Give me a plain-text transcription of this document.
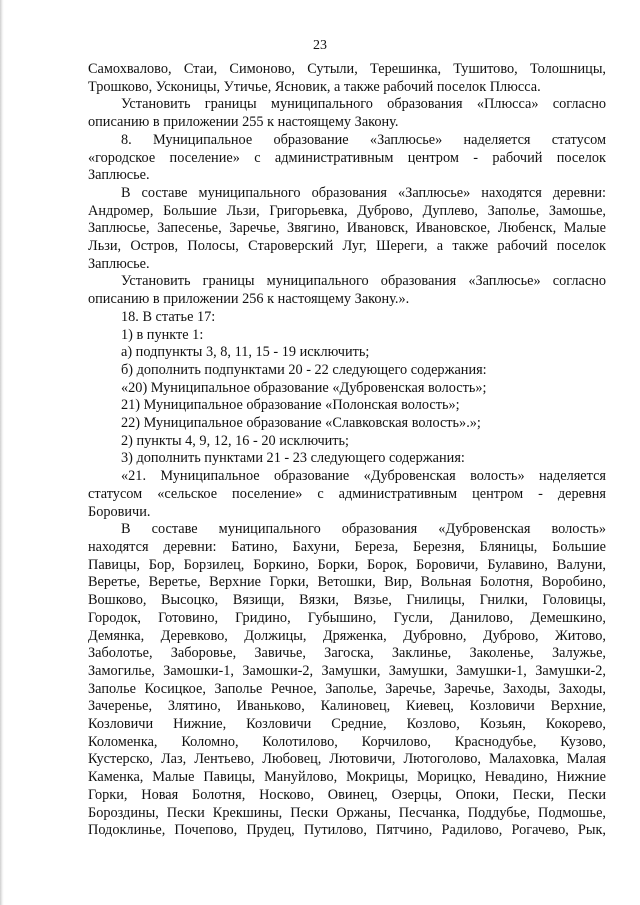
23

Самохвалово, Стаи, Симоново, Сутыли, Терешинка, Тушитово, Толошницы,

Трошково, Усконицы, Утичье, Ясновик, а также рабочий поселок Плюсса.

Установить границы муниципального образования «Плюсса» согласно

описанию в приложении 255 к настоящему Закону.

8. Муниципальное образование «Заплюсье» наделяется статусом

«городское поселение» с административным центром - рабочий поселок

Заплюсье.

В составе муниципального образования «Заплюсье» находятся деревни:

Андромер, Большие Льзи, Григорьевка, Дуброво, Дуплево, Заполье, Замошье,

Заплюсье, Запесенье, Заречье, Звягино, Ивановск, Ивановское, Любенск, Малые

Льзи, Остров, Полосы, Староверский Луг, Шереги, а также рабочий поселок

Заплюсье.

Установить границы муниципального образования «Заплюсье» согласно

описанию в приложении 256 к настоящему Закону.».

18. В статье 17:

1) в пункте 1:

а) подпункты 3, 8, 11, 15 - 19 исключить;

б) дополнить подпунктами 20 - 22 следующего содержания:

«20) Муниципальное образование «Дубровенская волость»;

21) Муниципальное образование «Полонская волость»;

22) Муниципальное образование «Славковская волость».»;

2) пункты 4, 9, 12, 16 - 20 исключить;

3) дополнить пунктами 21 - 23 следующего содержания:

«21. Муниципальное образование «Дубровенская волость» наделяется

статусом «сельское поселение» с административным центром - деревня

Боровичи.

В составе муниципального образования «Дубровенская волость»

находятся деревни: Батино, Бахуни, Береза, Березня, Бляницы, Большие

Павицы, Бор, Борзилец, Боркино, Борки, Борок, Боровичи, Булавино, Валуни,

Веретье, Веретье, Верхние Горки, Ветошки, Вир, Вольная Болотня, Воробино,

Вошково, Высоцко, Вязищи, Вязки, Вязье, Гнилицы, Гнилки, Головицы,

Городок, Готовино, Гридино, Губышино, Гусли, Данилово, Демешкино,

Демянка, Деревково, Должицы, Дряженка, Дубровно, Дуброво, Житово,

Заболотье, Заборовье, Завичье, Загоска, Заклинье, Заколенье, Залужье,

Замогилье, Замошки-1, Замошки-2, Замушки, Замушки, Замушки-1, Замушки-2,

Заполье Косицкое, Заполье Речное, Заполье, Заречье, Заречье, Заходы, Заходы,

Зачеренье, Злятино, Иваньково, Калиновец, Киевец, Козловичи Верхние,

Козловичи Нижние, Козловичи Средние, Козлово, Козьян, Кокорево,

Коломенка, Коломно, Колотилово, Корчилово, Краснодубье, Кузово,

Кустерско, Лаз, Лентьево, Любовец, Лютовичи, Лютоголово, Малаховка, Малая

Каменка, Малые Павицы, Мануйлово, Мокрицы, Морицко, Невадино, Нижние

Горки, Новая Болотня, Носково, Овинец, Озерцы, Опоки, Пески, Пески

Бороздины, Пески Крекшины, Пески Оржаны, Песчанка, Поддубье, Подмошье,

Подоклинье, Почепово, Прудец, Путилово, Пятчино, Радилово, Рогачево, Рык,
